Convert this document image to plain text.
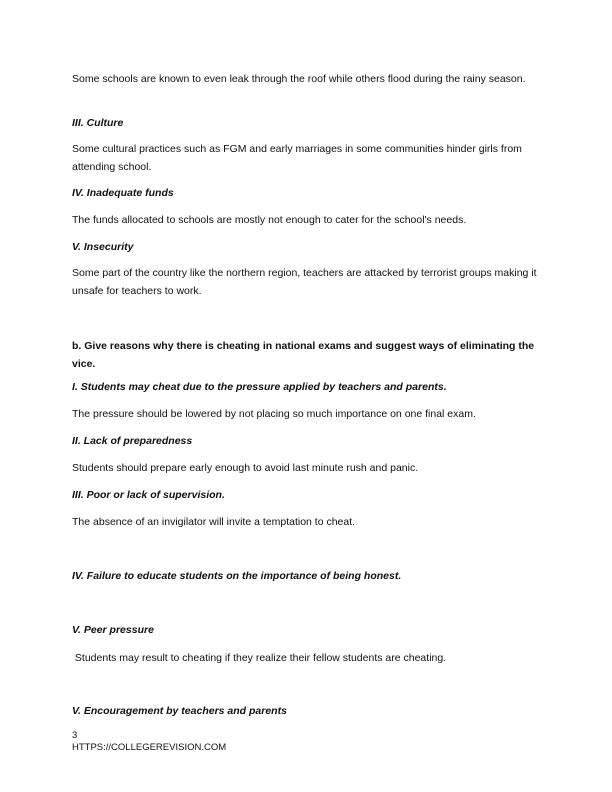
Some schools are known to even leak through the roof while others flood during the rainy season.

III. Culture

Some cultural practices such as FGM and early marriages in some communities hinder girls from attending school.

IV. Inadequate funds

The funds allocated to schools are mostly not enough to cater for the school's needs.

V. Insecurity

Some part of the country like the northern region, teachers are attacked by terrorist groups making it unsafe for teachers to work.

b. Give reasons why there is cheating in national exams and suggest ways of eliminating the vice.

I. Students may cheat due to the pressure applied by teachers and parents.

The pressure should be lowered by not placing so much importance on one final exam.

II. Lack of preparedness

Students should prepare early enough to avoid last minute rush and panic.

III. Poor or lack of supervision.

The absence of an invigilator will invite a temptation to cheat.

IV. Failure to educate students on the importance of being honest.

V. Peer pressure

Students may result to cheating if they realize their fellow students are cheating.

V. Encouragement by teachers and parents

3

HTTPS://COLLEGEREVISION.COM
